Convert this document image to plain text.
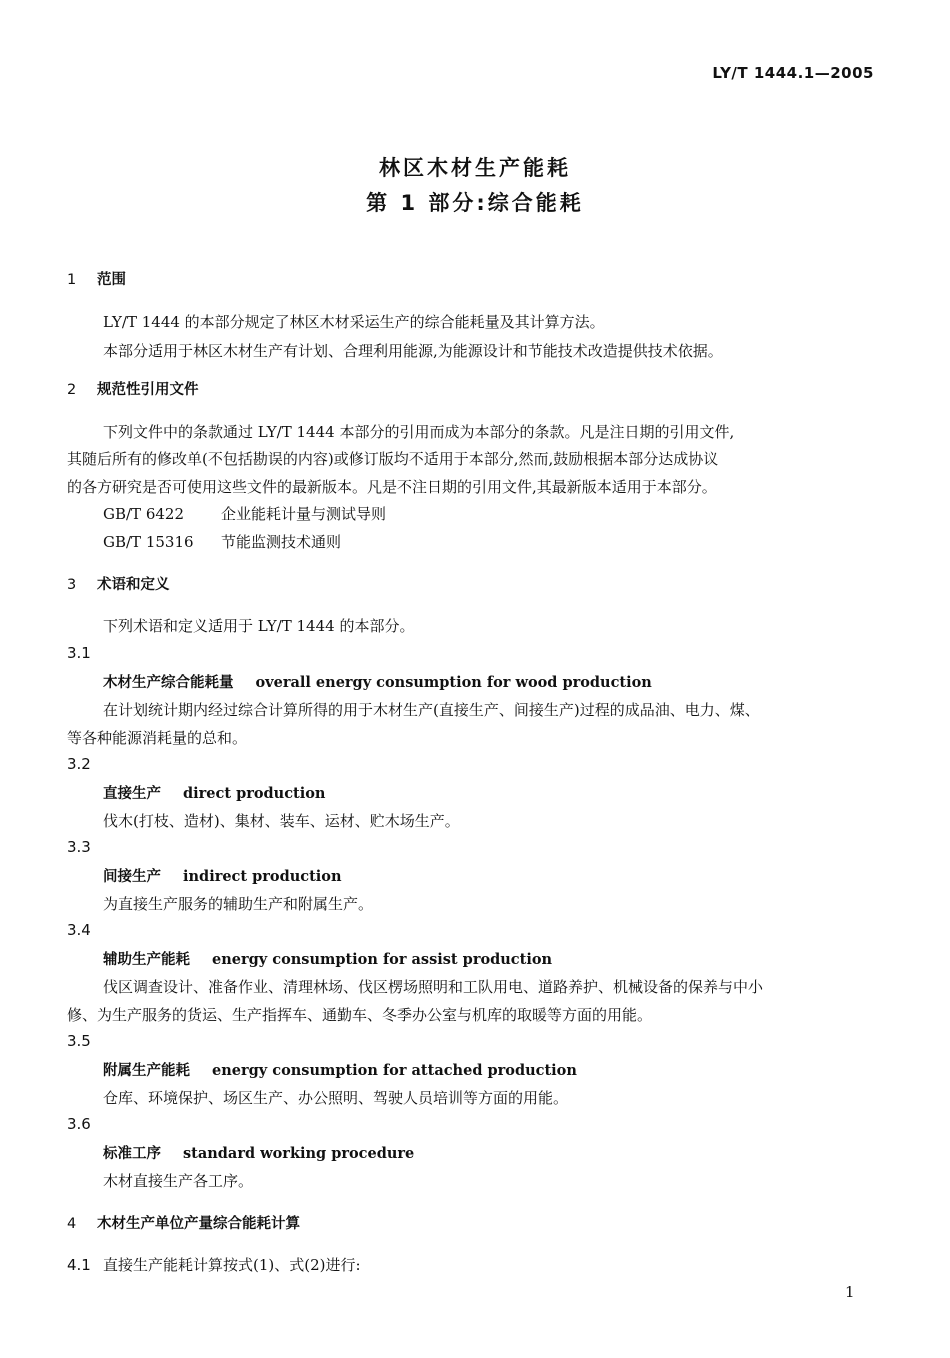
LY/T 1444.1—2005
林区木材生产能耗
第 1 部分:综合能耗
1 范围
LY/T 1444 的本部分规定了林区木材采运生产的综合能耗量及其计算方法。
本部分适用于林区木材生产有计划、合理利用能源,为能源设计和节能技术改造提供技术依据。
2 规范性引用文件
下列文件中的条款通过 LY/T 1444 本部分的引用而成为本部分的条款。凡是注日期的引用文件,
其随后所有的修改单(不包括勘误的内容)或修订版均不适用于本部分,然而,鼓励根据本部分达成协议
的各方研究是否可使用这些文件的最新版本。凡是不注日期的引用文件,其最新版本适用于本部分。
GB/T 6422 企业能耗计量与测试导则
GB/T 15316 节能监测技术通则
3 术语和定义
下列术语和定义适用于 LY/T 1444 的本部分。
3.1
木材生产综合能耗量 overall energy consumption for wood production
在计划统计期内经过综合计算所得的用于木材生产(直接生产、间接生产)过程的成品油、电力、煤、
等各种能源消耗量的总和。
3.2
直接生产 direct production
伐木(打枝、造材)、集材、装车、运材、贮木场生产。
3.3
间接生产 indirect production
为直接生产服务的辅助生产和附属生产。
3.4
辅助生产能耗 energy consumption for assist production
伐区调查设计、准备作业、清理林场、伐区楞场照明和工队用电、道路养护、机械设备的保养与中小
修、为生产服务的货运、生产指挥车、通勤车、冬季办公室与机库的取暖等方面的用能。
3.5
附属生产能耗 energy consumption for attached production
仓库、环境保护、场区生产、办公照明、驾驶人员培训等方面的用能。
3.6
标准工序 standard working procedure
木材直接生产各工序。
4 木材生产单位产量综合能耗计算
4.1 直接生产能耗计算按式(1)、式(2)进行:
1
